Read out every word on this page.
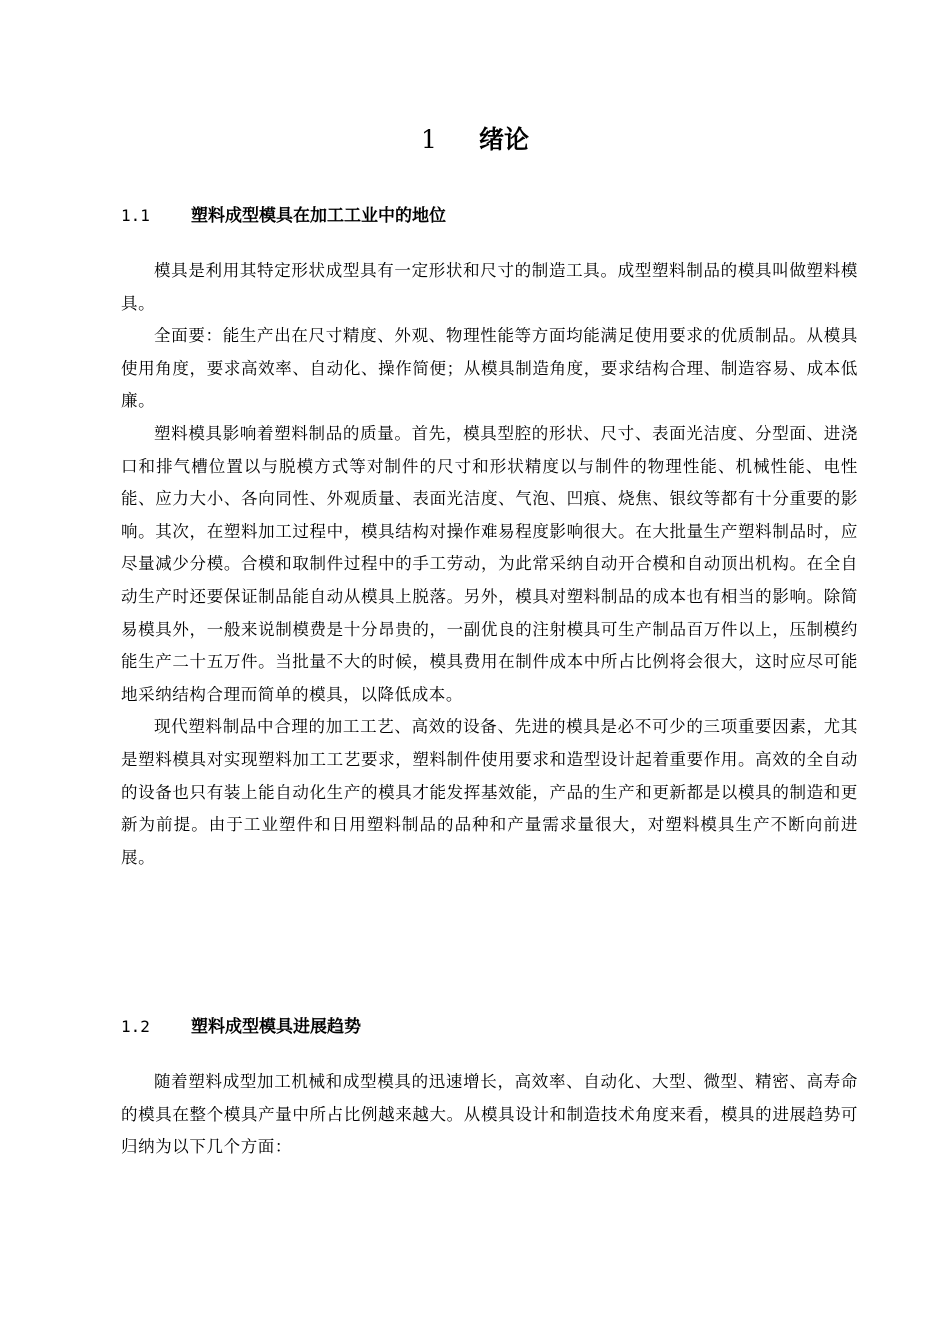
1 绪论
1.1 塑料成型模具在加工工业中的地位

模具是利用其特定形状成型具有一定形状和尺寸的制造工具。成型塑料制品的模具叫做塑料模具。

全面要：能生产出在尺寸精度、外观、物理性能等方面均能满足使用要求的优质制品。从模具使用角度，要求高效率、自动化、操作简便；从模具制造角度，要求结构合理、制造容易、成本低廉。

塑料模具影响着塑料制品的质量。首先，模具型腔的形状、尺寸、表面光洁度、分型面、进浇口和排气槽位置以与脱模方式等对制件的尺寸和形状精度以与制件的物理性能、机械性能、电性能、应力大小、各向同性、外观质量、表面光洁度、气泡、凹痕、烧焦、银纹等都有十分重要的影响。其次，在塑料加工过程中，模具结构对操作难易程度影响很大。在大批量生产塑料制品时，应尽量减少分模。合模和取制件过程中的手工劳动，为此常采纳自动开合模和自动顶出机构。在全自动生产时还要保证制品能自动从模具上脱落。另外，模具对塑料制品的成本也有相当的影响。除简易模具外，一般来说制模费是十分昂贵的，一副优良的注射模具可生产制品百万件以上，压制模约能生产二十五万件。当批量不大的时候，模具费用在制件成本中所占比例将会很大，这时应尽可能地采纳结构合理而简单的模具，以降低成本。

现代塑料制品中合理的加工工艺、高效的设备、先进的模具是必不可少的三项重要因素，尤其是塑料模具对实现塑料加工工艺要求，塑料制件使用要求和造型设计起着重要作用。高效的全自动的设备也只有装上能自动化生产的模具才能发挥基效能，产品的生产和更新都是以模具的制造和更新为前提。由于工业塑件和日用塑料制品的品种和产量需求量很大，对塑料模具生产不断向前进展。

1.2 塑料成型模具进展趋势

随着塑料成型加工机械和成型模具的迅速增长，高效率、自动化、大型、微型、精密、高寿命的模具在整个模具产量中所占比例越来越大。从模具设计和制造技术角度来看，模具的进展趋势可归纳为以下几个方面：
